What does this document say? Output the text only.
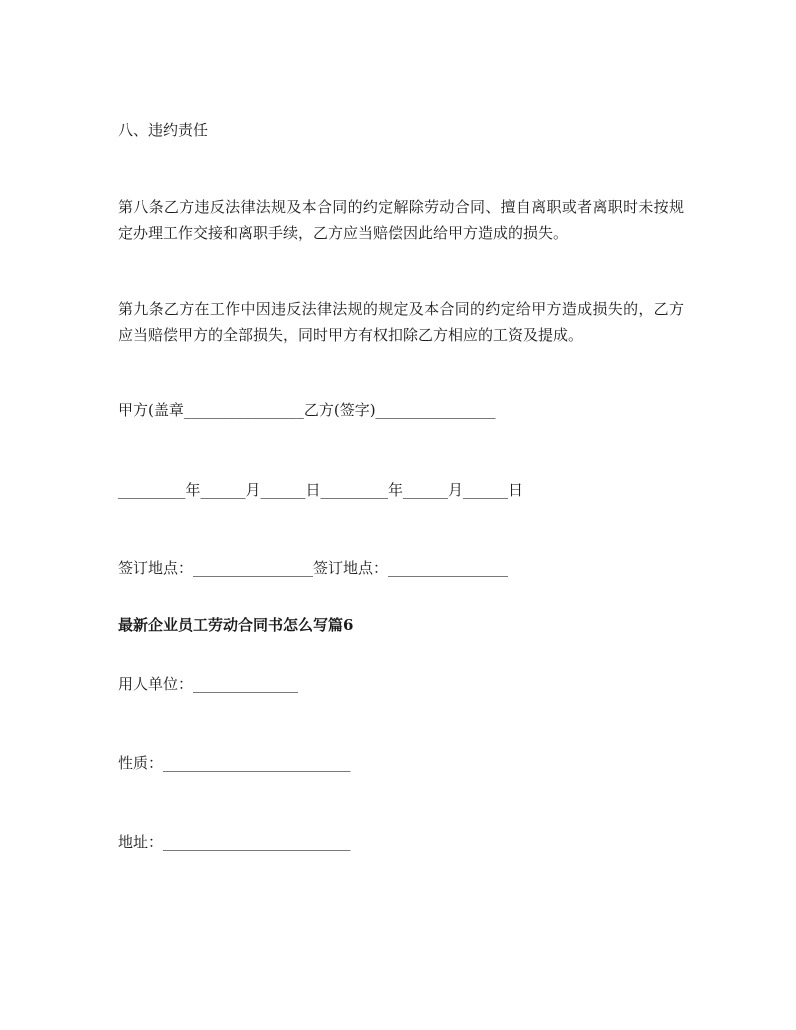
八、违约责任
第八条乙方违反法律法规及本合同的约定解除劳动合同、擅自离职或者离职时未按规定办理工作交接和离职手续，乙方应当赔偿因此给甲方造成的损失。
第九条乙方在工作中因违反法律法规的规定及本合同的约定给甲方造成损失的，乙方应当赔偿甲方的全部损失，同时甲方有权扣除乙方相应的工资及提成。
甲方(盖章________________乙方(签字)________________
_________年______月______日_________年______月______日
签订地点：________________签订地点：________________
最新企业员工劳动合同书怎么写篇6
用人单位：______________
性质：_________________________
地址：_________________________
